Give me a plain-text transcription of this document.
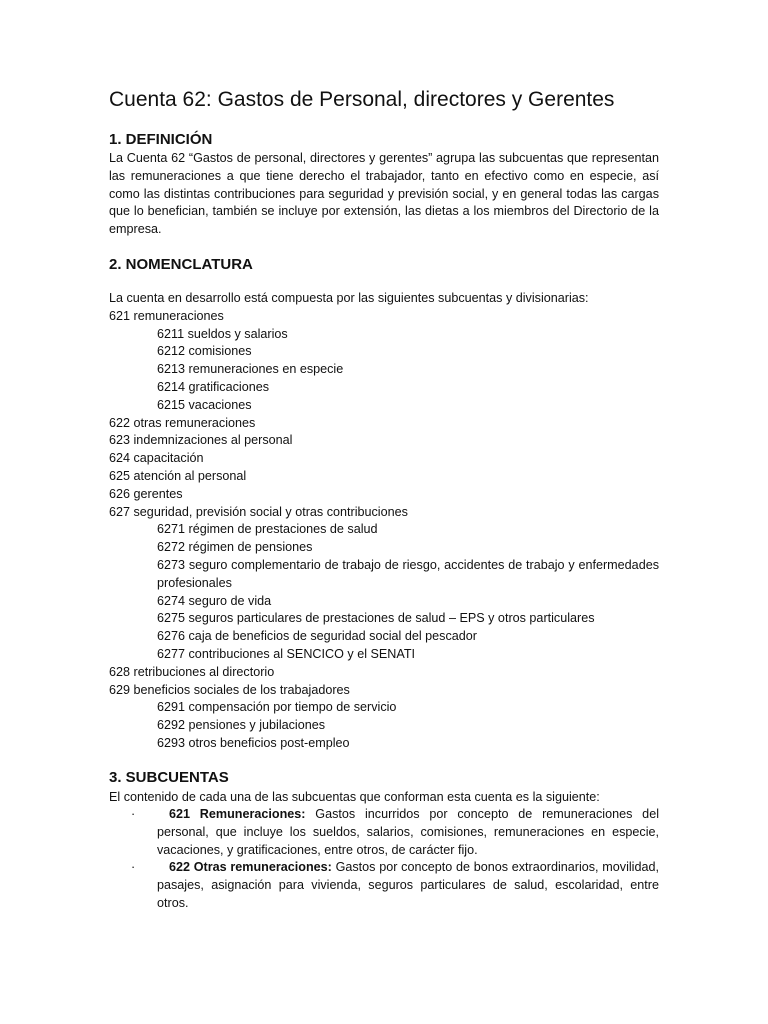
Cuenta 62: Gastos de Personal, directores y Gerentes
1. DEFINICIÓN

La Cuenta 62 “Gastos de personal, directores y gerentes” agrupa las subcuentas que representan las remuneraciones a que tiene derecho el trabajador, tanto en efectivo como en especie, así como las distintas contribuciones para seguridad y previsión social, y en general todas las cargas que lo benefician, también se incluye por extensión, las dietas a los miembros del Directorio de la empresa.

2. NOMENCLATURA
La cuenta en desarrollo está compuesta por las siguientes subcuentas y divisionarias:
621 remuneraciones
6211 sueldos y salarios
6212 comisiones
6213 remuneraciones en especie
6214 gratificaciones
6215 vacaciones
622 otras remuneraciones
623 indemnizaciones al personal
624 capacitación
625 atención al personal
626 gerentes
627 seguridad, previsión social y otras contribuciones
6271 régimen de prestaciones de salud
6272 régimen de pensiones
6273 seguro complementario de trabajo de riesgo, accidentes de trabajo y enfermedades profesionales
6274 seguro de vida
6275 seguros particulares de prestaciones de salud – EPS y otros particulares
6276 caja de beneficios de seguridad social del pescador
6277 contribuciones al SENCICO y el SENATI
628 retribuciones al directorio
629 beneficios sociales de los trabajadores
6291 compensación por tiempo de servicio
6292 pensiones y jubilaciones
6293 otros beneficios post-empleo
3. SUBCUENTAS

El contenido de cada una de las subcuentas que conforman esta cuenta es la siguiente:

·	621 Remuneraciones: Gastos incurridos por concepto de remuneraciones del personal, que incluye los sueldos, salarios, comisiones, remuneraciones en especie, vacaciones, y gratificaciones, entre otros, de carácter fijo.
·	622 Otras remuneraciones: Gastos por concepto de bonos extraordinarios, movilidad, pasajes, asignación para vivienda, seguros particulares de salud, escolaridad, entre otros.
